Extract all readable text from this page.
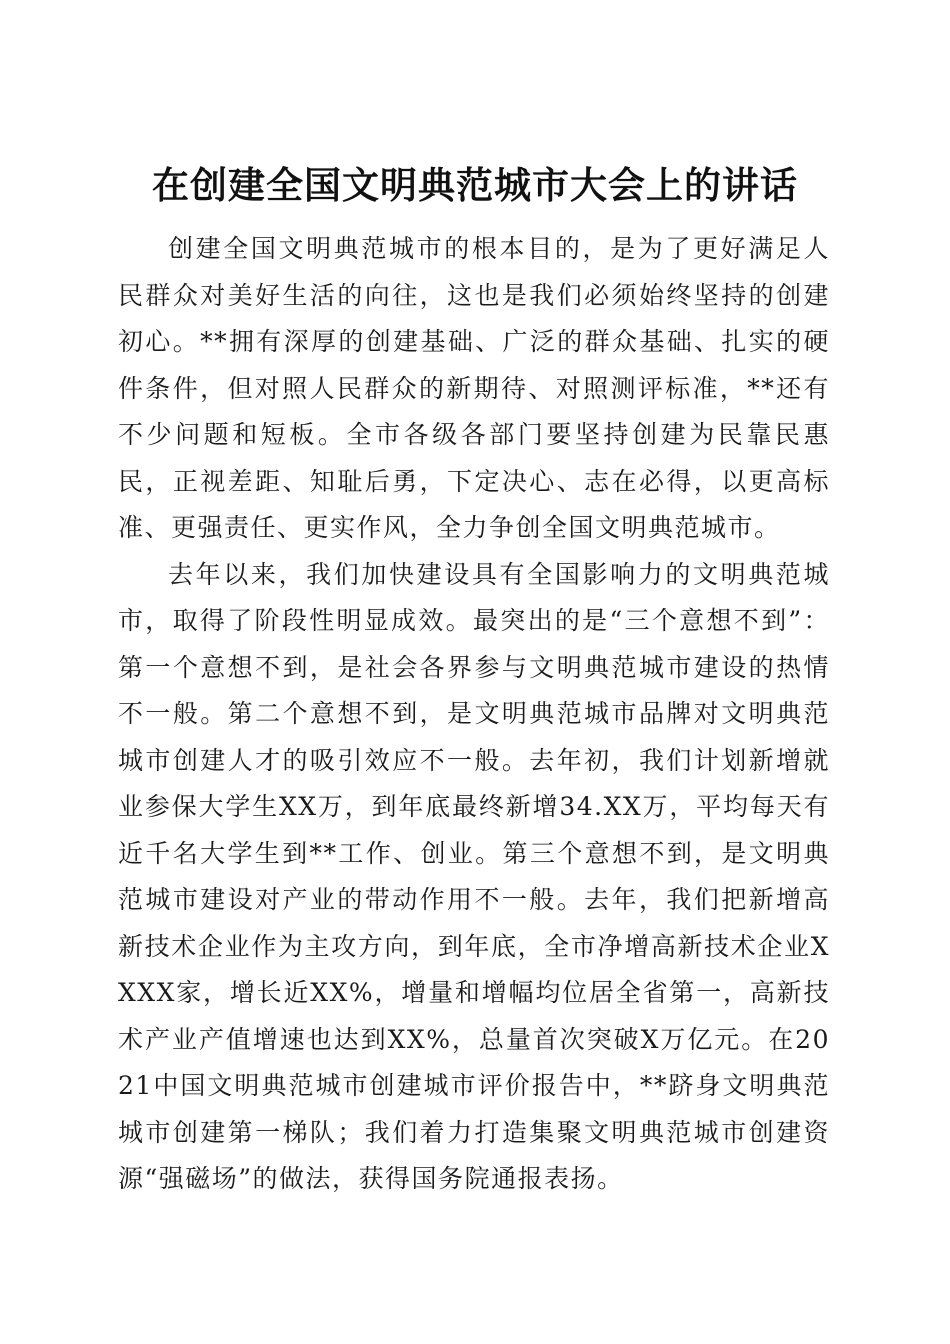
在创建全国文明典范城市大会上的讲话

创建全国文明典范城市的根本目的，是为了更好满足人民群众对美好生活的向往，这也是我们必须始终坚持的创建初心。**拥有深厚的创建基础、广泛的群众基础、扎实的硬件条件，但对照人民群众的新期待、对照测评标准，**还有不少问题和短板。全市各级各部门要坚持创建为民靠民惠民，正视差距、知耻后勇，下定决心、志在必得，以更高标准、更强责任、更实作风，全力争创全国文明典范城市。

去年以来，我们加快建设具有全国影响力的文明典范城市，取得了阶段性明显成效。最突出的是“三个意想不到”：第一个意想不到，是社会各界参与文明典范城市建设的热情不一般。第二个意想不到，是文明典范城市品牌对文明典范城市创建人才的吸引效应不一般。去年初，我们计划新增就业参保大学生XX万，到年底最终新增34.XX万，平均每天有近千名大学生到**工作、创业。第三个意想不到，是文明典范城市建设对产业的带动作用不一般。去年，我们把新增高新技术企业作为主攻方向，到年底，全市净增高新技术企业XXXX家，增长近XX%，增量和增幅均位居全省第一，高新技术产业产值增速也达到XX%，总量首次突破X万亿元。在2021中国文明典范城市创建城市评价报告中，**跻身文明典范城市创建第一梯队；我们着力打造集聚文明典范城市创建资源“强磁场”的做法，获得国务院通报表扬。
